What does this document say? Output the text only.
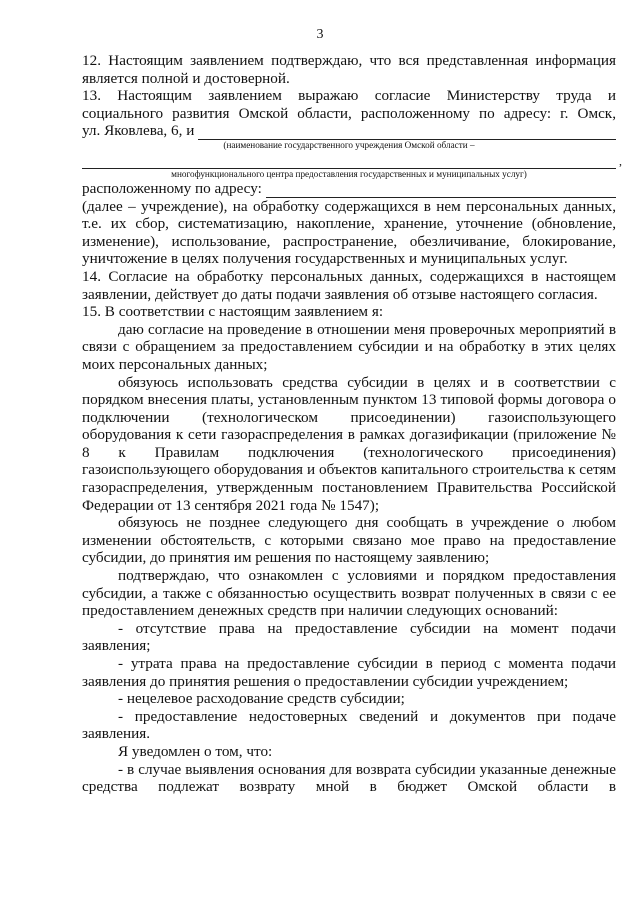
3

12. Настоящим заявлением подтверждаю, что вся представленная информация является полной и достоверной.

13. Настоящим заявлением выражаю согласие Министерству труда и

социального развития Омской области, расположенному по адресу: г. Омск,

ул. Яковлева, 6, и

(наименование государственного учреждения Омской области –

,

многофункционального центра предоставления государственных и муниципальных услуг)

расположенному по адресу:

(далее – учреждение), на обработку содержащихся в нем персональных данных, т.е. их сбор, систематизацию, накопление, хранение, уточнение (обновление, изменение), использование, распространение, обезличивание, блокирование, уничтожение в целях получения государственных и муниципальных услуг.

14. Согласие на обработку персональных данных, содержащихся в настоящем заявлении, действует до даты подачи заявления об отзыве настоящего согласия.

15. В соответствии с настоящим заявлением я:

даю согласие на проведение в отношении меня проверочных мероприятий в связи с обращением за предоставлением субсидии и на обработку в этих целях моих персональных данных;

обязуюсь использовать средства субсидии в целях и в соответствии с порядком внесения платы, установленным пунктом 13 типовой формы договора о подключении (технологическом присоединении) газоиспользующего оборудования к сети газораспределения в рамках догазификации (приложение № 8 к Правилам подключения (технологического присоединения) газоиспользующего оборудования и объектов капитального строительства к сетям газораспределения, утвержденным постановлением Правительства Российской Федерации от 13 сентября 2021 года № 1547);

обязуюсь не позднее следующего дня сообщать в учреждение о любом изменении обстоятельств, с которыми связано мое право на предоставление субсидии, до принятия им решения по настоящему заявлению;

подтверждаю, что ознакомлен с условиями и порядком предоставления субсидии, а также с обязанностью осуществить возврат полученных в связи с ее предоставлением денежных средств при наличии следующих оснований:

- отсутствие права на предоставление субсидии на момент подачи заявления;

- утрата права на предоставление субсидии в период с момента подачи заявления до принятия решения о предоставлении субсидии учреждением;

- нецелевое расходование средств субсидии;

- предоставление недостоверных сведений и документов при подаче заявления.

Я уведомлен о том, что:

- в случае выявления основания для возврата субсидии указанные денежные средства подлежат возврату мной в бюджет Омской области в
